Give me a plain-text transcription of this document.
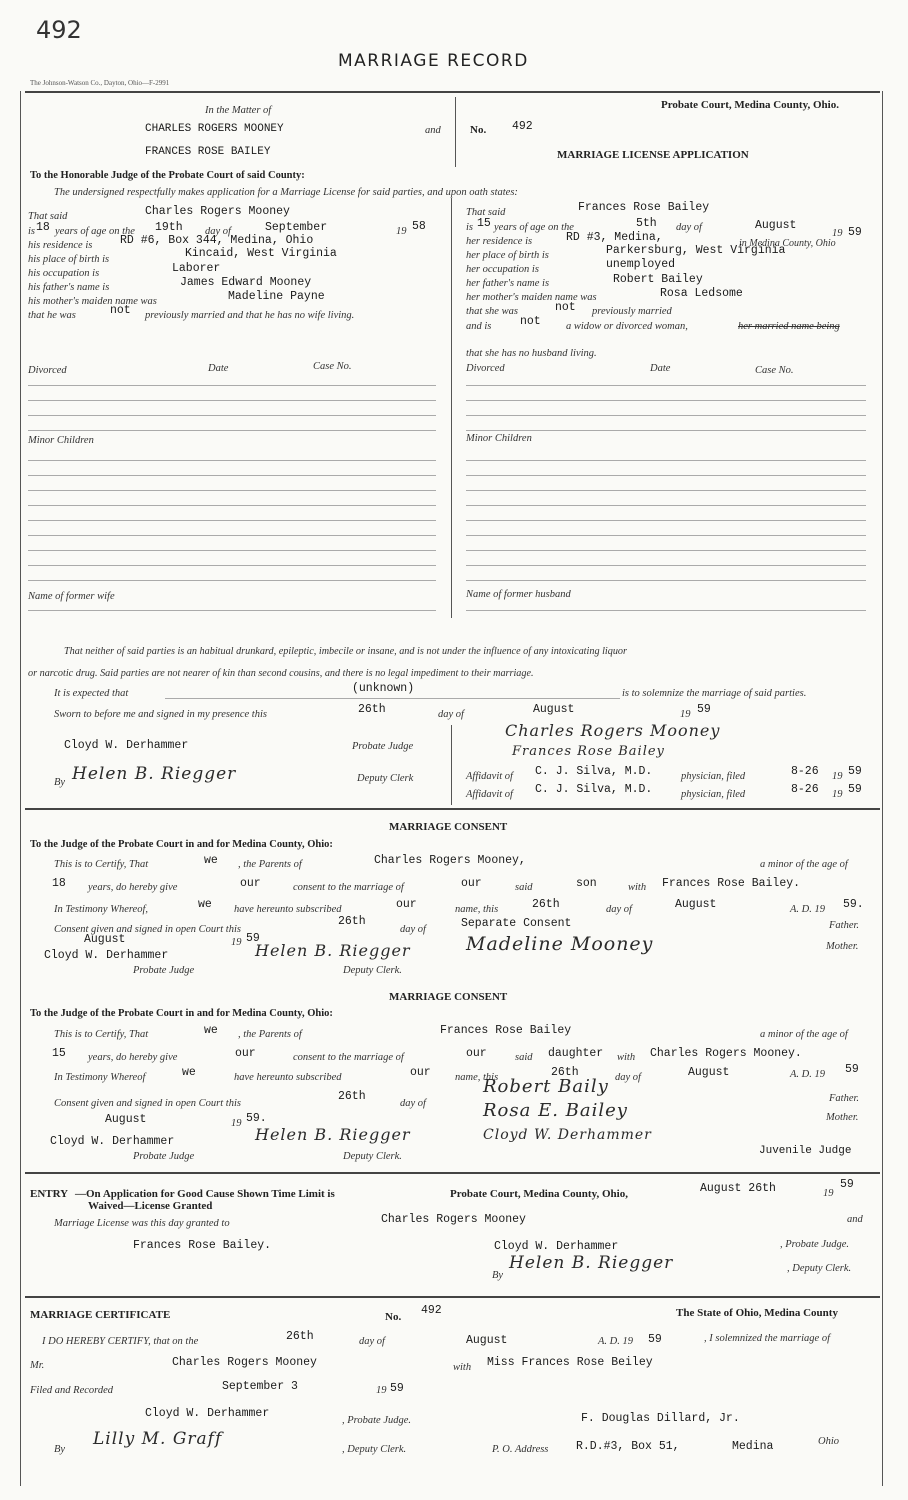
492
MARRIAGE RECORD
The Johnson-Watson Co., Dayton, Ohio—F-2991
In the Matter of
CHARLES ROGERS MOONEY	and
FRANCES ROSE BAILEY
No. 492
Probate Court, Medina County, Ohio.
MARRIAGE LICENSE APPLICATION
To the Honorable Judge of the Probate Court of said County:
The undersigned respectfully makes application for a Marriage License for said parties, and upon oath states:
That said	Charles Rogers Mooney
is 18 years of age on the 19th day of	September	19 58
his residence is RD #6, Box 344, Medina, Ohio
his place of birth is	Kincaid, West Virginia
his occupation is	Laborer
his father's name is	James Edward Mooney
his mother's maiden name was	Madeline Payne
that he was	not previously married and that he has no wife living.
Divorced	Date	Case No.
Minor Children
Name of former wife
That said	Frances Rose Bailey
is 15 years of age on the	5th day of	August
19 59
her residence is	RD #3, Medina,	in Medina County, Ohio
her place of birth is	Parkersburg, West Virginia
her occupation is	unemployed
her father's name is	Robert Bailey
her mother's maiden name was	Rosa Ledsome
that she was	not previously married
and is not a widow or divorced woman,	her married name being
that she has no husband living.
Divorced	Date	Case No.
Minor Children
Name of former husband
That neither of said parties is an habitual drunkard, epileptic, imbecile or insane, and is not under the influence of any intoxicating liquor
or narcotic drug. Said parties are not nearer of kin than second cousins, and there is no legal impediment to their marriage.
It is expected that	(unknown)	is to solemnize the marriage of said parties.
Sworn to before me and signed in my presence this	26th	day of	August	19 59
Cloyd W. Derhammer	Probate Judge
By Helen B. Riegger	Deputy Clerk
Charles Rogers Mooney
Frances Rose Bailey
Affidavit of C. J. Silva, M.D.	physician, filed	8-26 19 59
Affidavit of C. J. Silva, M.D.	physician, filed	8-26 19 59
MARRIAGE CONSENT
To the Judge of the Probate Court in and for Medina County, Ohio:
This is to Certify, That	we , the Parents of	Charles Rogers Mooney,	a minor of the age of
18 years, do hereby give	our	consent to the marriage of	our	said	son	with Frances Rose Bailey.
In Testimony Whereof,	we have hereunto subscribed	our	name, this	26th	day of	August	A. D. 19 59.
Consent given and signed in open Court this
26th
day of
August	19 59
Cloyd W. Derhammer	Helen B. Riegger
Probate Judge	Deputy Clerk.
Separate Consent	Father.
Madeline Mooney	Mother.
MARRIAGE CONSENT
To the Judge of the Probate Court in and for Medina County, Ohio:
This is to Certify, That	we , the Parents of	Frances Rose Bailey	a minor of the age of
15 years, do hereby give	our	consent to the marriage of	our	said daughter with Charles Rogers Mooney.
In Testimony Whereof	we	have hereunto subscribed	our name, this	26th	day of	August	A. D. 19 59
Consent given and signed in open Court this
26th
day of
August	19 59.
Cloyd W. Derhammer	Helen B. Riegger
Probate Judge	Deputy Clerk.
Robert Baily
Father.
Rosa E. Bailey	Mother.
Cloyd W. Derhammer
Juvenile Judge
ENTRY —On Application for Good Cause Shown Time Limit is
Waived—License Granted
Probate Court, Medina County, Ohio,	August 26th	19
59
Marriage License was this day granted to	Charles Rogers Mooney	and
Frances Rose Bailey.	Cloyd W. Derhammer	, Probate Judge.
By
Helen B. Riegger	, Deputy Clerk.
MARRIAGE CERTIFICATE	No. 492	The State of Ohio, Medina County
I DO HEREBY CERTIFY, that on the	26th	day of	August	A. D. 19 59	, I solemnized the marriage of
Mr.	Charles Rogers Mooney	with Miss Frances Rose Beiley
Filed and Recorded	September 3	19 59
Cloyd W. Derhammer
, Probate Judge.	F. Douglas Dillard, Jr.
By
Lilly M. Graff
, Deputy Clerk.	P. O. Address R.D.#3, Box 51,	Medina	Ohio
